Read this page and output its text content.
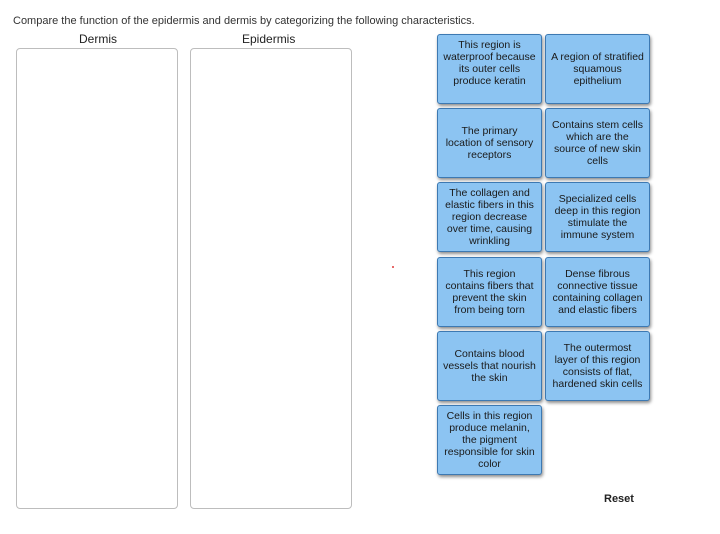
Compare the function of the epidermis and dermis by categorizing the following characteristics.
Dermis	Epidermis	This region is waterproof because its outer cells produce keratin
A region of stratified squamous epithelium
The primary location of sensory receptors
Contains stem cells which are the source of new skin cells
The collagen and elastic fibers in this region decrease over time, causing wrinkling
Specialized cells deep in this region stimulate the immune system
This region contains fibers that prevent the skin from being torn
Dense fibrous connective tissue containing collagen and elastic fibers
Contains blood vessels that nourish the skin
The outermost layer of this region consists of flat, hardened skin cells
Cells in this region produce melanin, the pigment responsible for skin color
Reset
